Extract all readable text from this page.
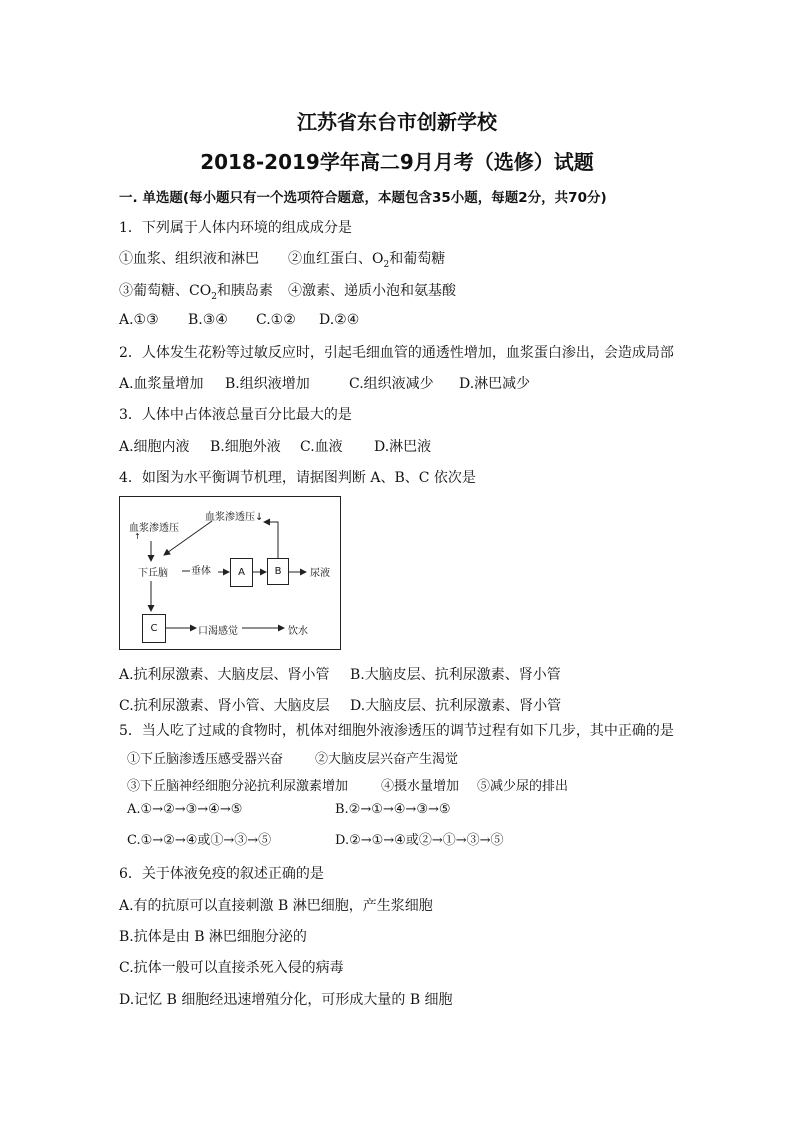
江苏省东台市创新学校
2018-2019学年高二9月月考（选修）试题
一. 单选题(每小题只有一个选项符合题意，本题包含35小题，每题2分，共70分)
1．下列属于人体内环境的组成成分是
①血浆、组织液和淋巴 ②血红蛋白、$O_2$和葡萄糖
③葡萄糖、$CO_2$和胰岛素 ④激素、递质小泡和氨基酸
A.①③ B.③④ C.①② D.②④
2．人体发生花粉等过敏反应时，引起毛细血管的通透性增加，血浆蛋白渗出，会造成局部
A.血浆量增加 B.组织液增加	C.组织液减少 D.淋巴减少
3．人体中占体液总量百分比最大的是
A.细胞内液 B.细胞外液 C.血液 D.淋巴液
4．如图为水平衡调节机理，请据图判断 A、B、C 依次是
血浆渗透压
↑
血浆渗透压↓
下丘脑 垂体	A	B	尿液
C	口渴感觉	饮水
A.抗利尿激素、大脑皮层、肾小管 B.大脑皮层、抗利尿激素、肾小管
C.抗利尿激素、肾小管、大脑皮层 D.大脑皮层、抗利尿激素、肾小管
5．当人吃了过咸的食物时，机体对细胞外液渗透压的调节过程有如下几步，其中正确的是
①下丘脑渗透压感受器兴奋 ②大脑皮层兴奋产生渴觉
③下丘脑神经细胞分泌抗利尿激素增加	④摄水量增加 ⑤减少尿的排出
A.①→②→③→④→⑤	B.②→①→④→③→⑤
C.①→②→④或①→③→⑤	D.②→①→④或②→①→③→⑤
6．关于体液免疫的叙述正确的是
A.有的抗原可以直接刺激 B 淋巴细胞，产生浆细胞
B.抗体是由 B 淋巴细胞分泌的
C.抗体一般可以直接杀死入侵的病毒
D.记忆 B 细胞经迅速增殖分化，可形成大量的 B 细胞
